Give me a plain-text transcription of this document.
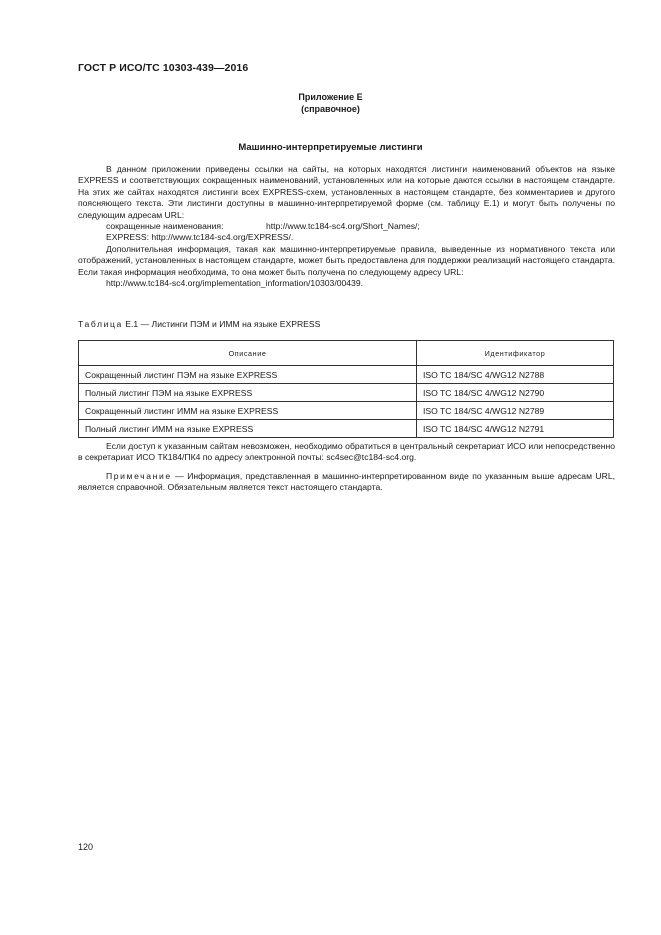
ГОСТ Р ИСО/ТС 10303-439—2016
Приложение Е
(справочное)
Машинно-интерпретируемые листинги

В данном приложении приведены ссылки на сайты, на которых находятся листинги наименований объектов на языке EXPRESS и соответствующих сокращенных наименований, установленных или на которые даются ссылки в настоящем стандарте. На этих же сайтах находятся листинги всех EXPRESS-схем, установленных в настоящем стандарте, без комментариев и другого поясняющего текста. Эти листинги доступны в машинно-интерпретируемой форме (см. таблицу Е.1) и могут быть получены по следующим адресам URL:

сокращенные наименования:	http://www.tc184-sc4.org/Short_Names/;
EXPRESS: http://www.tc184-sc4.org/EXPRESS/.

Дополнительная информация, такая как машинно-интерпретируемые правила, выведенные из нормативного текста или отображений, установленных в настоящем стандарте, может быть предоставлена для поддержки реализаций настоящего стандарта. Если такая информация необходима, то она может быть получена по следующему адресу URL:

http://www.tc184-sc4.org/implementation_information/10303/00439.
Таблица Е.1 — Листинги ПЭМ и ИММ на языке EXPRESS
Описание	Идентификатор
Сокращенный листинг ПЭМ на языке EXPRESS	ISO TC 184/SC 4/WG12 N2788
Полный листинг ПЭМ на языке EXPRESS	ISO TC 184/SC 4/WG12 N2790
Сокращенный листинг ИММ на языке EXPRESS	ISO TC 184/SC 4/WG12 N2789
Полный листинг ИММ на языке EXPRESS	ISO TC 184/SC 4/WG12 N2791

Если доступ к указанным сайтам невозможен, необходимо обратиться в центральный секретариат ИСО или непосредственно в секретариат ИСО ТК184/ПК4 по адресу электронной почты: sc4sec@tc184-sc4.org.

Примечание — Информация, представленная в машинно-интерпретированном виде по указанным выше адресам URL, является справочной. Обязательным является текст настоящего стандарта.

120
